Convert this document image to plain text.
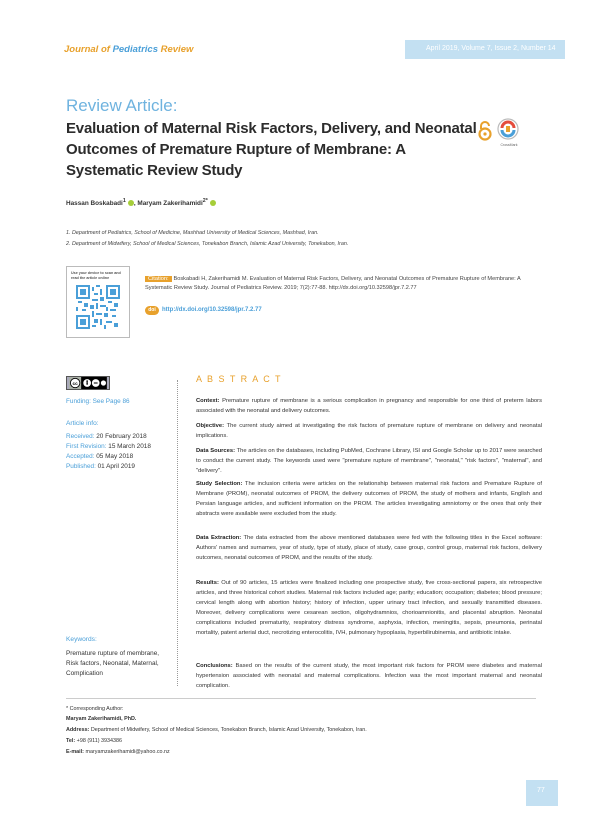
Journal of Pediatrics Review	April 2019, Volume 7, Issue 2, Number 14
Review Article:
Evaluation of Maternal Risk Factors, Delivery, and Neonatal Outcomes of Premature Rupture of Membrane: A Systematic Review Study
CrossMark
Hassan Boskabadi$^1$ , Maryam Zakerihamidi$^{2*}$
1. Department of Pediatrics, School of Medicine, Mashhad University of Medical Sciences, Mashhad, Iran.
2. Department of Midwifery, School of Medical Sciences, Tonekabon Branch, Islamic Azad University, Tonekabon, Iran.
Use your device to scan and read the article online	Citation: Boskabadi H, Zakerihamidi M. Evaluation of Maternal Risk Factors, Delivery, and Neonatal Outcomes of Premature Rupture of Membrane: A Systematic Review Study. Journal of Pediatrics Review. 2019; 7(2):77-88. http://dx.doi.org/10.32598/jpr.7.2.77
doi	http://dx.doi.org/10.32598/jpr.7.2.77
cc
Funding: See Page 86
Article info:
Received: 20 February 2018
First Revision: 15 March 2018
Accepted: 05 May 2018
Published: 01 April 2019
Keywords:
Premature rupture of membrane, Risk factors, Neonatal, Maternal, Complication
A B S T R A C T
Context: Premature rupture of membrane is a serious complication in pregnancy and responsible for one third of preterm labors associated with the neonatal and delivery outcomes.
Objective: The current study aimed at investigating the risk factors of premature rupture of membrane on delivery and neonatal implications.
Data Sources: The articles on the databases, including PubMed, Cochrane Library, ISI and Google Scholar up to 2017 were searched to conduct the current study. The keywords used were "premature rupture of membrane", "neonatal," "risk factors", "maternal", and "delivery".
Study Selection: The inclusion criteria were articles on the relationship between maternal risk factors and Premature Rupture of Membrane (PROM), neonatal outcomes of PROM, the delivery outcomes of PROM, the study of mothers and infants, English and Persian language articles, and sufficient information on the PROM. The articles investigating amniotomy or the ones that only their abstracts were available were excluded from the study.
Data Extraction: The data extracted from the above mentioned databases were fed with the following titles in the Excel software: Authors' names and surnames, year of study, type of study, place of study, case group, control group, maternal risk factors, delivery outcomes, neonatal outcomes of PROM, and the results of the study.
Results: Out of 90 articles, 15 articles were finalized including one prospective study, five cross-sectional papers, six retrospective articles, and three historical cohort studies. Maternal risk factors included age; parity; education; occupation; diabetes; blood pressure; cervical length along with abortion history; history of infection, upper urinary tract infection, and sexually transmitted diseases. Moreover, delivery complications were cesarean section, oligohydramnios, chorioamnionitis, and placental abruption. Neonatal complications included prematurity, respiratory distress syndrome, asphyxia, infection, meningitis, sepsis, pneumonia, perinatal mortality, patent arterial duct, necrotizing enterocolitis, IVH, pulmonary hypoplasia, hyperbilirubinemia, and antibiotic intake.
Conclusions: Based on the results of the current study, the most important risk factors for PROM were diabetes and maternal hypertension associated with neonatal and maternal complications. Infection was the most important maternal and neonatal complication.
* Corresponding Author:
Maryam Zakerihamidi, PhD.
Address: Department of Midwifery, School of Medical Sciences, Tonekabon Branch, Islamic Azad University, Tonekabon, Iran.
Tel: +98 (911) 3934386
E-mail: maryamzakerihamidi@yahoo.co.nz
77
